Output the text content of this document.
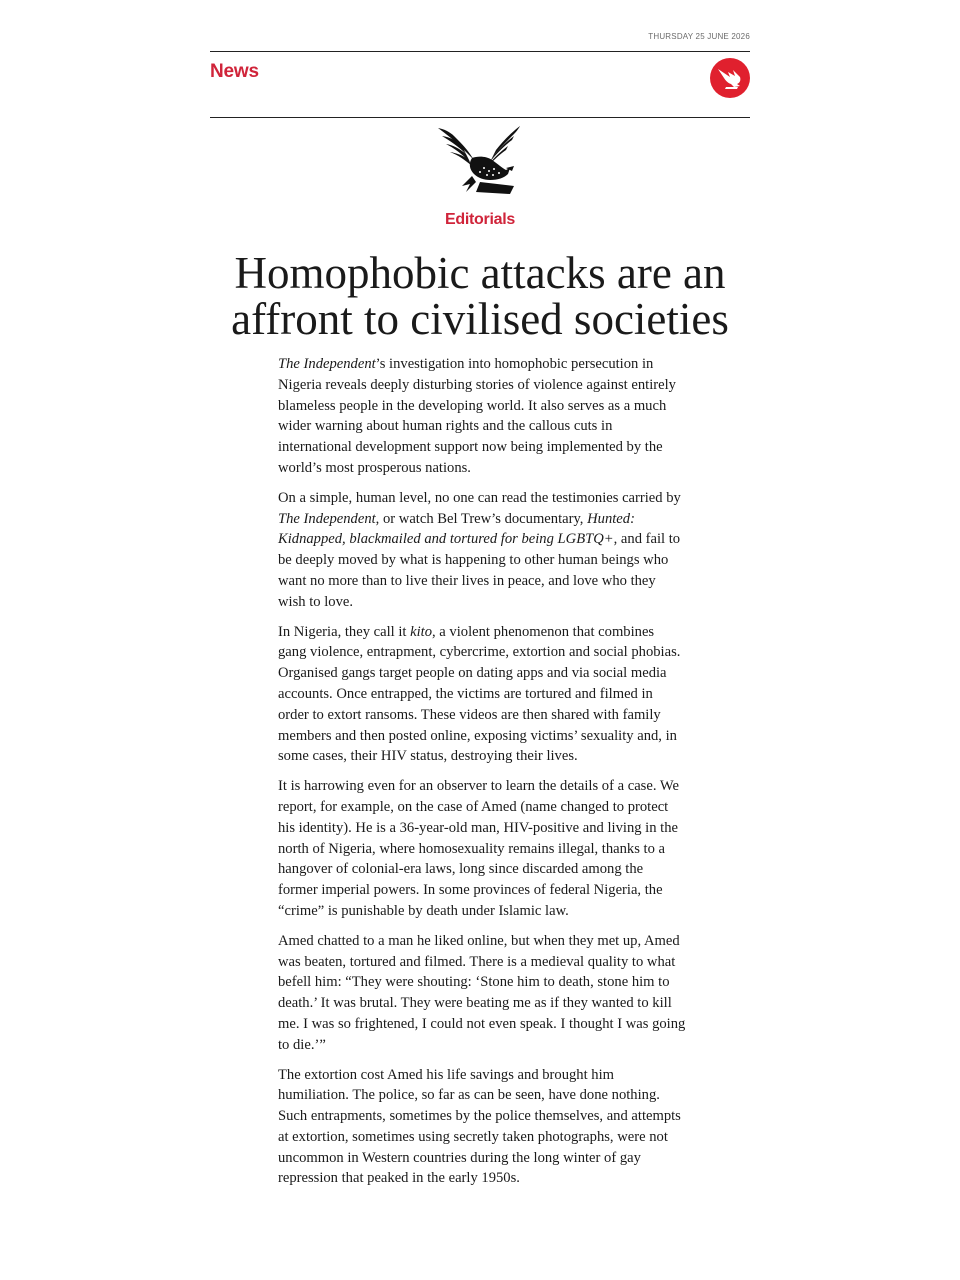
THURSDAY 25 JUNE 2026
News
Editorials
Homophobic attacks are an affront to civilised societies

The Independent’s investigation into homophobic persecution in Nigeria reveals deeply disturbing stories of violence against entirely blameless people in the developing world. It also serves as a much wider warning about human rights and the callous cuts in international development support now being implemented by the world’s most prosperous nations.

On a simple, human level, no one can read the testimonies carried by The Independent, or watch Bel Trew’s documentary, Hunted: Kidnapped, blackmailed and tortured for being LGBTQ+, and fail to be deeply moved by what is happening to other human beings who want no more than to live their lives in peace, and love who they wish to love.

In Nigeria, they call it kito, a violent phenomenon that combines gang violence, entrapment, cybercrime, extortion and social phobias. Organised gangs target people on dating apps and via social media accounts. Once entrapped, the victims are tortured and filmed in order to extort ransoms. These videos are then shared with family members and then posted online, exposing victims’ sexuality and, in some cases, their HIV status, destroying their lives.

It is harrowing even for an observer to learn the details of a case. We report, for example, on the case of Amed (name changed to protect his identity). He is a 36-year-old man, HIV-positive and living in the north of Nigeria, where homosexuality remains illegal, thanks to a hangover of colonial-era laws, long since discarded among the former imperial powers. In some provinces of federal Nigeria, the “crime” is punishable by death under Islamic law.

Amed chatted to a man he liked online, but when they met up, Amed was beaten, tortured and filmed. There is a medieval quality to what befell him: “They were shouting: ‘Stone him to death, stone him to death.’ It was brutal. They were beating me as if they wanted to kill me. I was so frightened, I could not even speak. I thought I was going to die.’”

The extortion cost Amed his life savings and brought him humiliation. The police, so far as can be seen, have done nothing. Such entrapments, sometimes by the police themselves, and attempts at extortion, sometimes using secretly taken photographs, were not uncommon in Western countries during the long winter of gay repression that peaked in the early 1950s.
